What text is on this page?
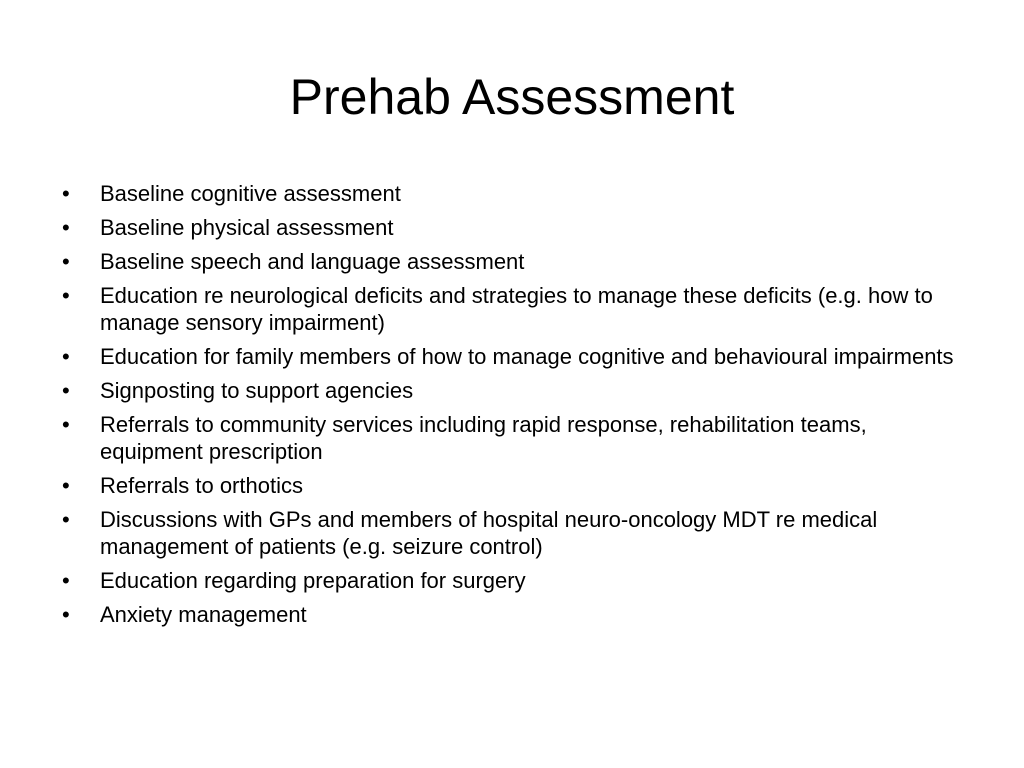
Prehab Assessment
•	Baseline cognitive assessment
•	Baseline physical assessment
•	Baseline speech and language assessment
•	Education re neurological deficits and strategies to manage these deficits (e.g. how to manage sensory impairment)
•	Education for family members of how to manage cognitive and behavioural impairments
•	Signposting to support agencies
•	Referrals to community services including rapid response, rehabilitation teams, equipment prescription
•	Referrals to orthotics
•	Discussions with GPs and members of hospital neuro-oncology MDT re medical management of patients (e.g. seizure control)
•	Education regarding preparation for surgery
•	Anxiety management
